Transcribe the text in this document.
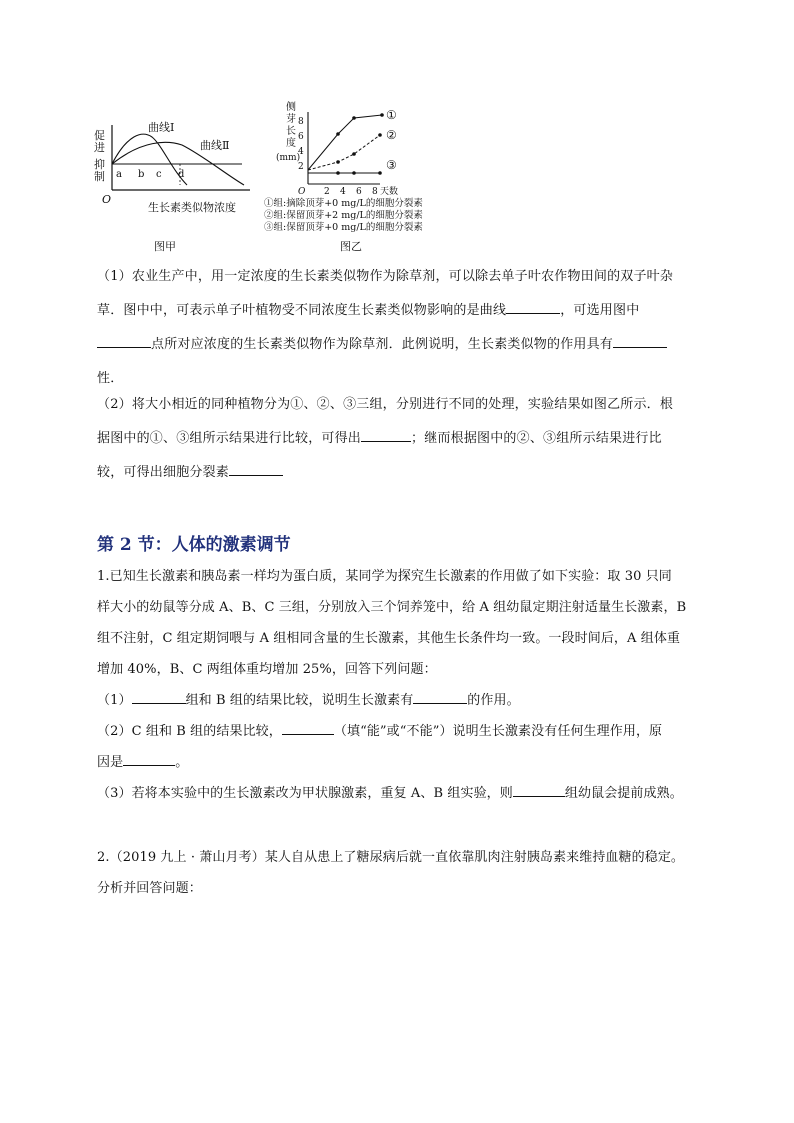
促
进
抑
制
O
曲线Ⅰ
曲线Ⅱ
a b c d
生长素类似物浓度
图甲
侧
芽
长
度
(mm)
8
6
4
2
O 2 4 6 8 天数
①
②
③
①组:摘除顶芽+0 mg/L的细胞分裂素
②组:保留顶芽+2 mg/L的细胞分裂素
③组:保留顶芽+0 mg/L的细胞分裂素
图乙
（1）农业生产中，用一定浓度的生长素类似物作为除草剂，可以除去单子叶农作物田间的双子叶杂
草．图中中，可表示单子叶植物受不同浓度生长素类似物影响的是曲线	，可选用图中
点所对应浓度的生长素类似物作为除草剂．此例说明，生长素类似物的作用具有
性．
（2）将大小相近的同种植物分为①、②、③三组，分别进行不同的处理，实验结果如图乙所示．根
据图中的①、③组所示结果进行比较，可得出	；继而根据图中的②、③组所示结果进行比
较，可得出细胞分裂素
第 2 节：人体的激素调节
1.已知生长激素和胰岛素一样均为蛋白质，某同学为探究生长激素的作用做了如下实验：取 30 只同
样大小的幼鼠等分成 A、B、C 三组，分别放入三个饲养笼中，给 A 组幼鼠定期注射适量生长激素，B
组不注射，C 组定期饲喂与 A 组相同含量的生长激素，其他生长条件均一致。一段时间后，A 组体重
增加 40%，B、C 两组体重均增加 25%，回答下列问题：
（1）	组和 B 组的结果比较，说明生长激素有	的作用。
（2）C 组和 B 组的结果比较，	（填“能”或“不能”）说明生长激素没有任何生理作用，原
因是	。
（3）若将本实验中的生长激素改为甲状腺激素，重复 A、B 组实验，则	组幼鼠会提前成熟。
2.（2019 九上 · 萧山月考）某人自从患上了糖尿病后就一直依靠肌肉注射胰岛素来维持血糖的稳定。
分析并回答问题：
